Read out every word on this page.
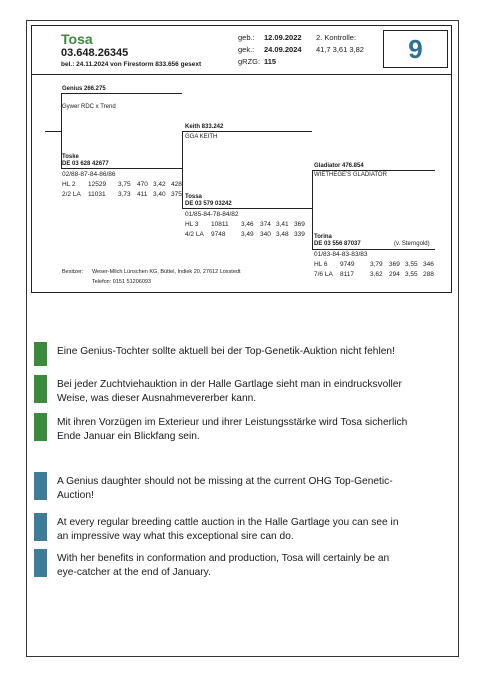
Tosa
03.648.26345
bel.: 24.11.2024 von Firestorm 833.656 gesext
geb.: 12.09.2022
gek.: 24.09.2024
gRZG: 115
2. Kontrolle:
41,7 3,61 3,82 9
Genius 266.275
Gywer RDC x Trend
Toske
DE 03 628 42677
02/88-87-84-86/86
HL 2 12529 3,75 470 3,42 428
2/2 LA 11031 3,73 411 3,40 375
Keith 833.242
GGA KEITH
Tossa
DE 03 579 03242
01/85-84-78-84/82
HL 3 10811 3,46 374 3,41 369
4/2 LA 9748 3,49 340 3,48 339
Gladiator 476.854
WIETHEGE'S GLADIATOR
Torina
DE 03 556 87037	(v. Sterngold)
01/83-84-83-83/83
HL 6 9749 3,79 369 3,55 346
7/6 LA 8117 3,62 294 3,55 288
Besitzer: Weser-Milch Lünschen KG, Büttel, Indiek 20, 27612 Loxstedt
Telefon: 0151 51206093
Eine Genius-Tochter sollte aktuell bei der Top-Genetik-Auktion nicht fehlen!
Bei jeder Zuchtviehauktion in der Halle Gartlage sieht man in eindrucksvoller
Weise, was dieser Ausnahmevererber kann.
Mit ihren Vorzügen im Exterieur und ihrer Leistungsstärke wird Tosa sicherlich
Ende Januar ein Blickfang sein.
A Genius daughter should not be missing at the current OHG Top-Genetic-
Auction!
At every regular breeding cattle auction in the Halle Gartlage you can see in
an impressive way what this exceptional sire can do.
With her benefits in conformation and production, Tosa will certainly be an
eye-catcher at the end of January.
